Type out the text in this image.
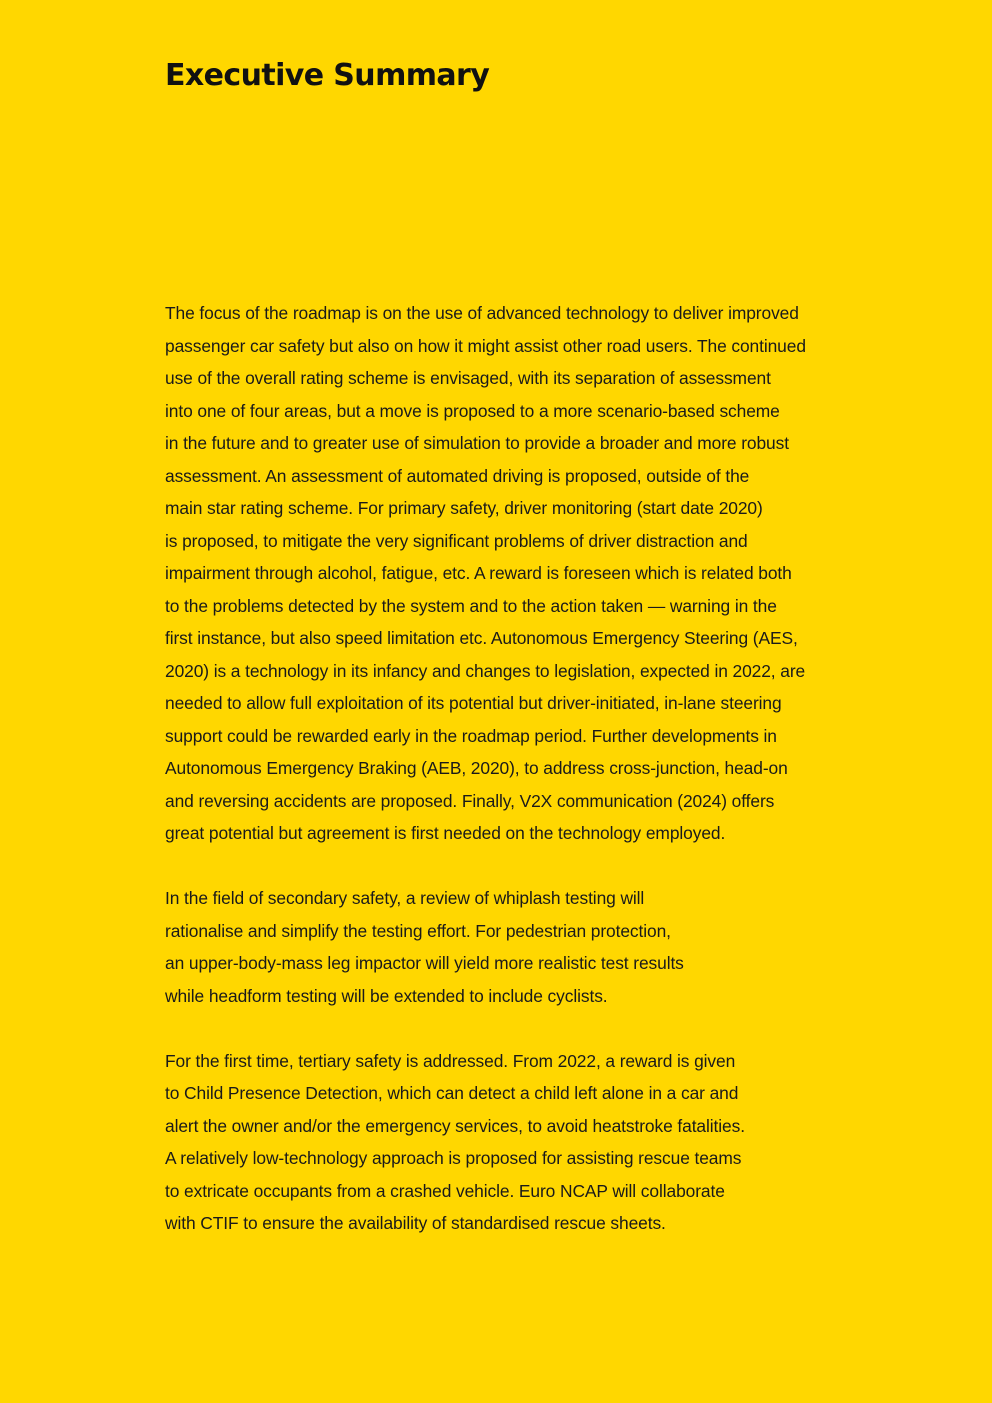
Executive Summary

The focus of the roadmap is on the use of advanced technology to deliver improved
passenger car safety but also on how it might assist other road users. The continued
use of the overall rating scheme is envisaged, with its separation of assessment
into one of four areas, but a move is proposed to a more scenario-based scheme
in the future and to greater use of simulation to provide a broader and more robust
assessment. An assessment of automated driving is proposed, outside of the
main star rating scheme. For primary safety, driver monitoring (start date 2020)
is proposed, to mitigate the very significant problems of driver distraction and
impairment through alcohol, fatigue, etc. A reward is foreseen which is related both
to the problems detected by the system and to the action taken — warning in the
first instance, but also speed limitation etc. Autonomous Emergency Steering (AES,
2020) is a technology in its infancy and changes to legislation, expected in 2022, are
needed to allow full exploitation of its potential but driver-initiated, in-lane steering
support could be rewarded early in the roadmap period. Further developments in
Autonomous Emergency Braking (AEB, 2020), to address cross-junction, head-on
and reversing accidents are proposed. Finally, V2X communication (2024) offers
great potential but agreement is first needed on the technology employed.

In the field of secondary safety, a review of whiplash testing will
rationalise and simplify the testing effort. For pedestrian protection,
an upper-body-mass leg impactor will yield more realistic test results
while headform testing will be extended to include cyclists.

For the first time, tertiary safety is addressed. From 2022, a reward is given
to Child Presence Detection, which can detect a child left alone in a car and
alert the owner and/or the emergency services, to avoid heatstroke fatalities.
A relatively low-technology approach is proposed for assisting rescue teams
to extricate occupants from a crashed vehicle. Euro NCAP will collaborate
with CTIF to ensure the availability of standardised rescue sheets.
